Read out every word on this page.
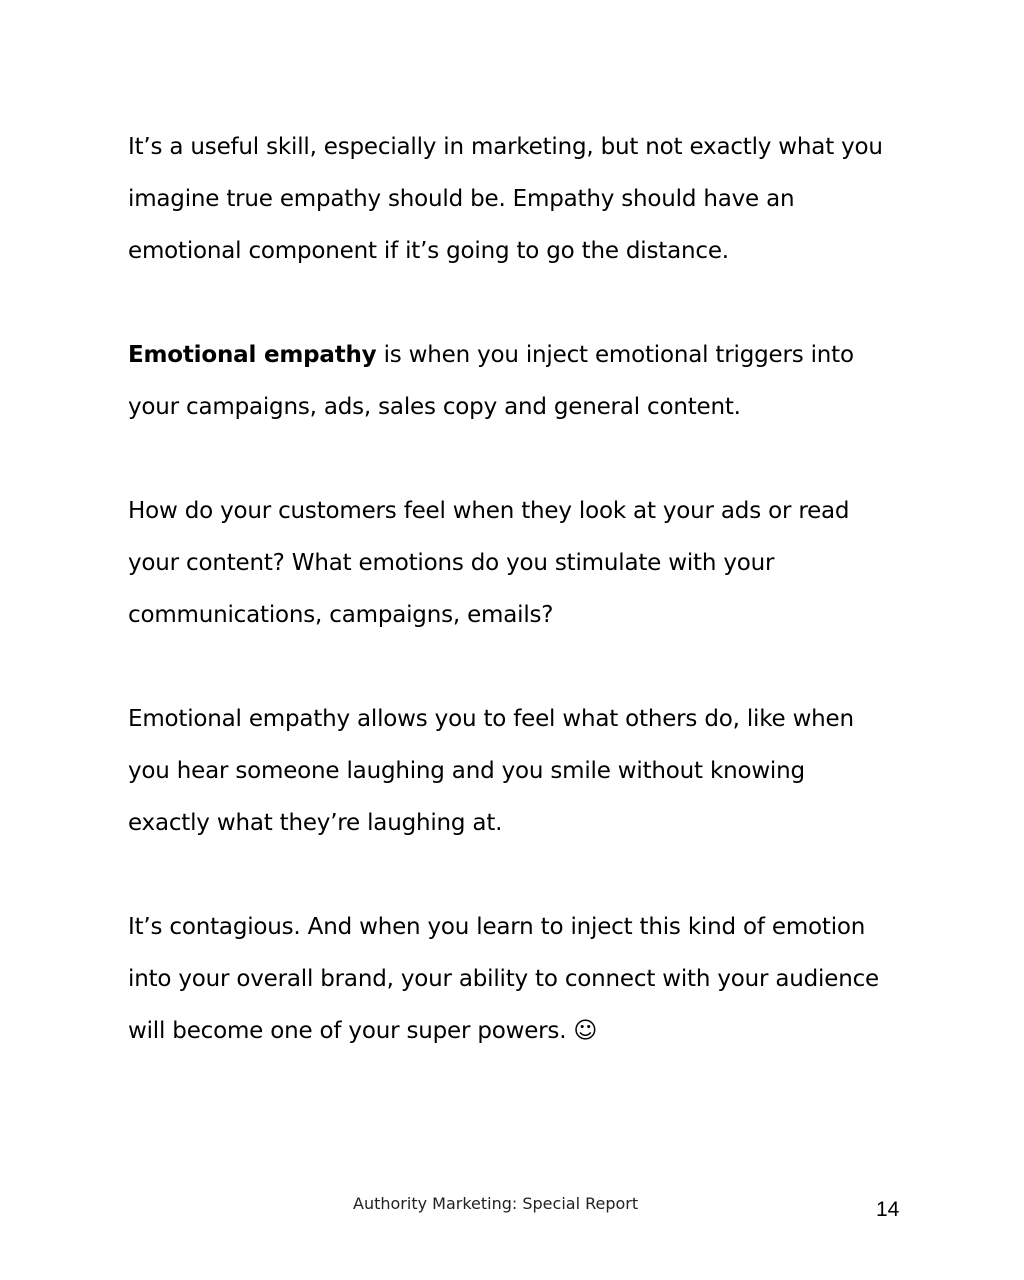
It’s a useful skill, especially in marketing, but not exactly what you
imagine true empathy should be. Empathy should have an
emotional component if it’s going to go the distance.

Emotional empathy is when you inject emotional triggers into
your campaigns, ads, sales copy and general content.

How do your customers feel when they look at your ads or read
your content? What emotions do you stimulate with your
communications, campaigns, emails?

Emotional empathy allows you to feel what others do, like when
you hear someone laughing and you smile without knowing
exactly what they’re laughing at.

It’s contagious. And when you learn to inject this kind of emotion
into your overall brand, your ability to connect with your audience
will become one of your super powers. ☺

Authority Marketing: Special Report	14
